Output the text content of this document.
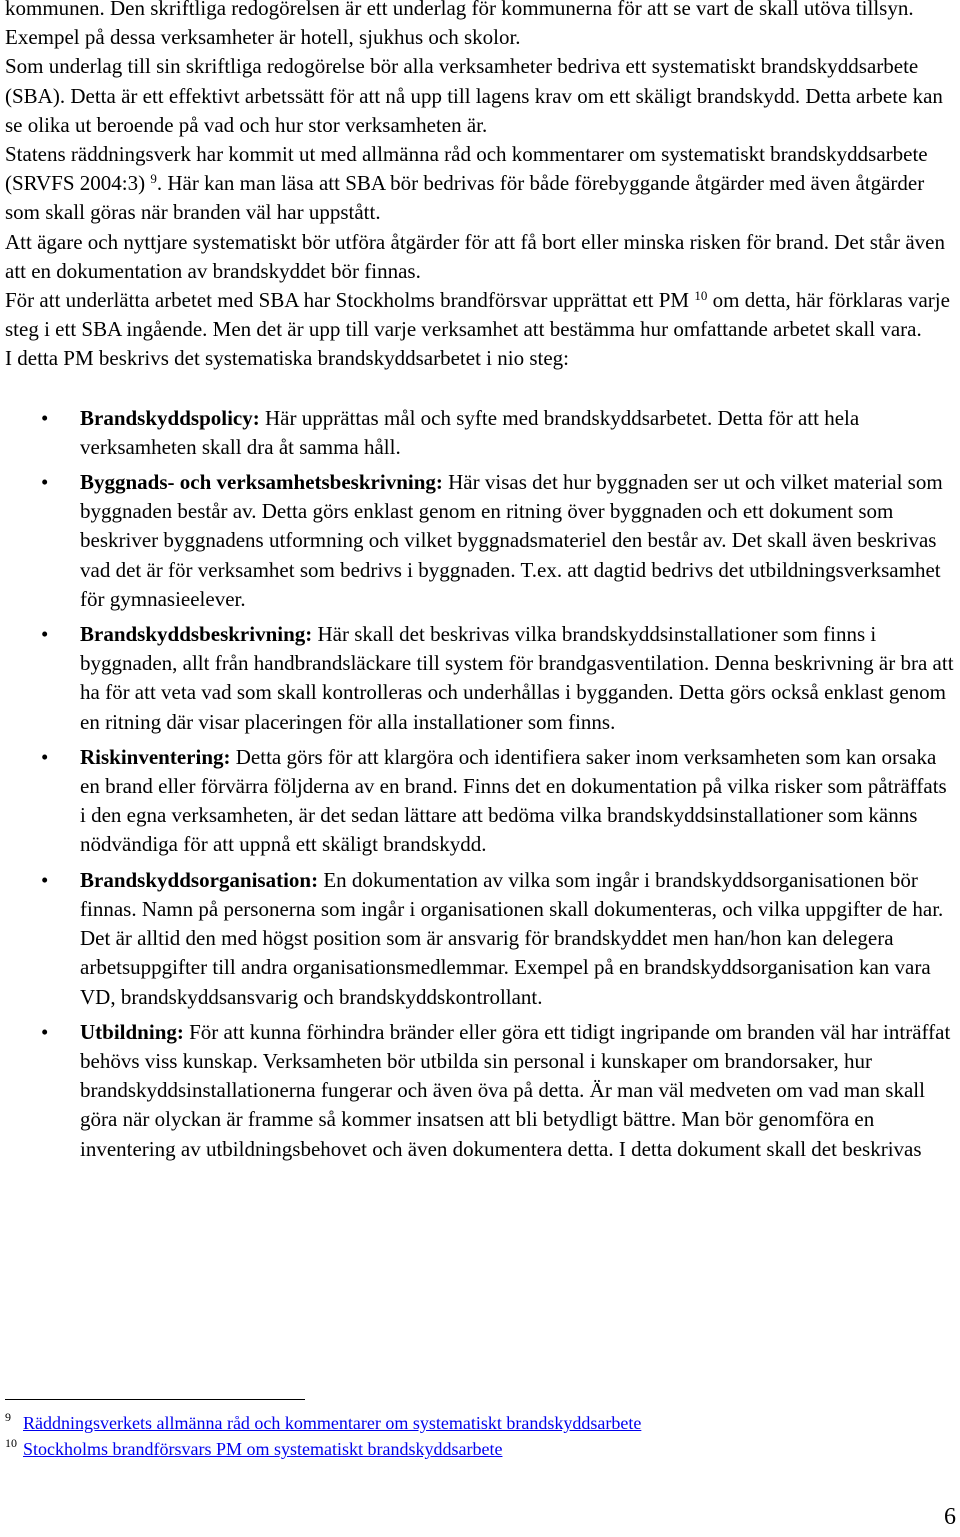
kommunen. Den skriftliga redogörelsen är ett underlag för kommunerna för att se vart de skall utöva tillsyn. Exempel på dessa verksamheter är hotell, sjukhus och skolor.

Som underlag till sin skriftliga redogörelse bör alla verksamheter bedriva ett systematiskt brandskyddsarbete (SBA). Detta är ett effektivt arbetssätt för att nå upp till lagens krav om ett skäligt brandskydd. Detta arbete kan se olika ut beroende på vad och hur stor verksamheten är.

Statens räddningsverk har kommit ut med allmänna råd och kommentarer om systematiskt brandskyddsarbete (SRVFS 2004:3) $^9$. Här kan man läsa att SBA bör bedrivas för både förebyggande åtgärder med även åtgärder som skall göras när branden väl har uppstått.

Att ägare och nyttjare systematiskt bör utföra åtgärder för att få bort eller minska risken för brand. Det står även att en dokumentation av brandskyddet bör finnas.

För att underlätta arbetet med SBA har Stockholms brandförsvar upprättat ett PM $^{10}$ om detta, här förklaras varje steg i ett SBA ingående. Men det är upp till varje verksamhet att bestämma hur omfattande arbetet skall vara.

I detta PM beskrivs det systematiska brandskyddsarbetet i nio steg:

• Brandskyddspolicy: Här upprättas mål och syfte med brandskyddsarbetet. Detta för att hela verksamheten skall dra åt samma håll.
• Byggnads- och verksamhetsbeskrivning: Här visas det hur byggnaden ser ut och vilket material som byggnaden består av. Detta görs enklast genom en ritning över byggnaden och ett dokument som beskriver byggnadens utformning och vilket byggnadsmateriel den består av. Det skall även beskrivas vad det är för verksamhet som bedrivs i byggnaden. T.ex. att dagtid bedrivs det utbildningsverksamhet för gymnasieelever.
• Brandskyddsbeskrivning: Här skall det beskrivas vilka brandskyddsinstallationer som finns i byggnaden, allt från handbrandsläckare till system för brandgasventilation. Denna beskrivning är bra att ha för att veta vad som skall kontrolleras och underhållas i bygganden. Detta görs också enklast genom en ritning där visar placeringen för alla installationer som finns.
• Riskinventering: Detta görs för att klargöra och identifiera saker inom verksamheten som kan orsaka en brand eller förvärra följderna av en brand. Finns det en dokumentation på vilka risker som påträffats i den egna verksamheten, är det sedan lättare att bedöma vilka brandskyddsinstallationer som känns nödvändiga för att uppnå ett skäligt brandskydd.
• Brandskyddsorganisation: En dokumentation av vilka som ingår i brandskyddsorganisationen bör finnas. Namn på personerna som ingår i organisationen skall dokumenteras, och vilka uppgifter de har. Det är alltid den med högst position som är ansvarig för brandskyddet men han/hon kan delegera arbetsuppgifter till andra organisationsmedlemmar. Exempel på en brandskyddsorganisation kan vara VD, brandskyddsansvarig och brandskyddskontrollant.
• Utbildning: För att kunna förhindra bränder eller göra ett tidigt ingripande om branden väl har inträffat behövs viss kunskap. Verksamheten bör utbilda sin personal i kunskaper om brandorsaker, hur brandskyddsinstallationerna fungerar och även öva på detta. Är man väl medveten om vad man skall göra när olyckan är framme så kommer insatsen att bli betydligt bättre. Man bör genomföra en inventering av utbildningsbehovet och även dokumentera detta. I detta dokument skall det beskrivas
9 Räddningsverkets allmänna råd och kommentarer om systematiskt brandskyddsarbete
10 Stockholms brandförsvars PM om systematiskt brandskyddsarbete
6
